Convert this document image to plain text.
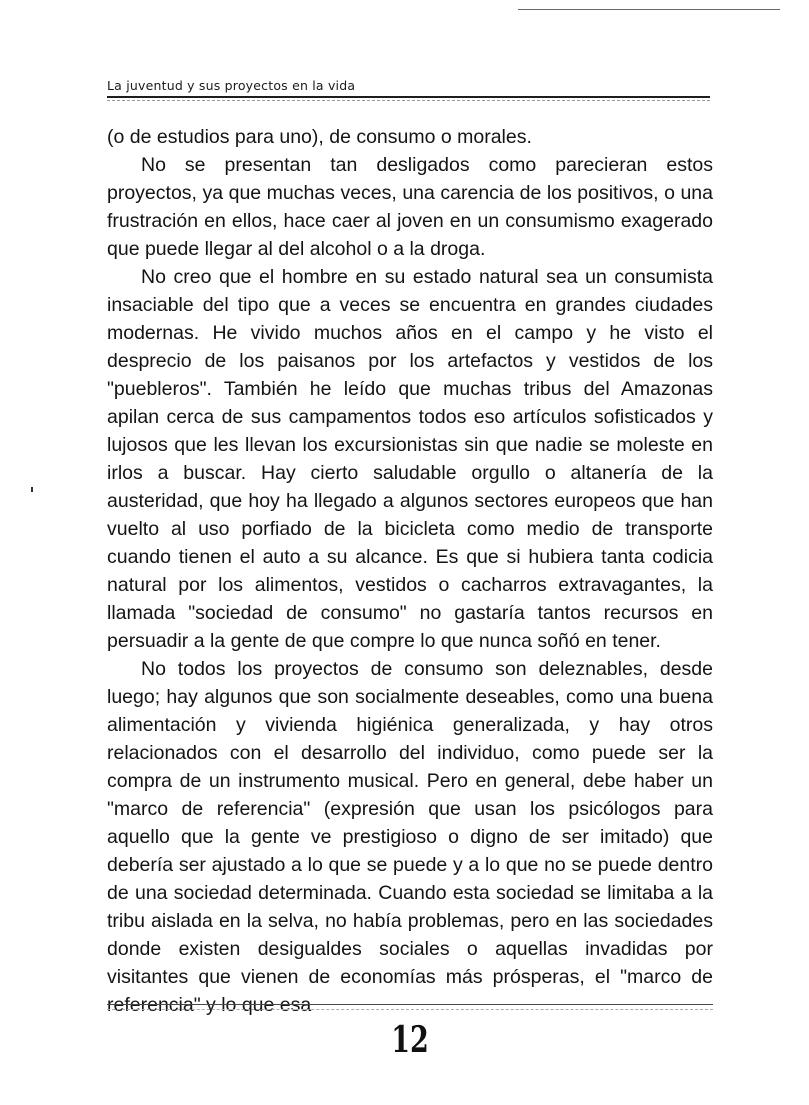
La juventud y sus proyectos en la vida

(o de estudios para uno), de consumo o morales.

No se presentan tan desligados como parecieran estos proyectos, ya que muchas veces, una carencia de los positivos, o una frustración en ellos, hace caer al joven en un consumismo exagerado que puede llegar al del alcohol o a la droga.

No creo que el hombre en su estado natural sea un consumista insaciable del tipo que a veces se encuentra en grandes ciudades modernas. He vivido muchos años en el campo y he visto el desprecio de los paisanos por los artefactos y vestidos de los "puebleros". También he leído que muchas tribus del Amazonas apilan cerca de sus campamentos todos eso artículos sofisticados y lujosos que les llevan los excursionistas sin que nadie se moleste en irlos a buscar. Hay cierto saludable orgullo o altanería de la austeridad, que hoy ha llegado a algunos sectores europeos que han vuelto al uso porfiado de la bicicleta como medio de transporte cuando tienen el auto a su alcance. Es que si hubiera tanta codicia natural por los alimentos, vestidos o cacharros extravagantes, la llamada "sociedad de consumo" no gastaría tantos recursos en persuadir a la gente de que compre lo que nunca soñó en tener.

No todos los proyectos de consumo son deleznables, desde luego; hay algunos que son socialmente deseables, como una buena alimentación y vivienda higiénica generalizada, y hay otros relacionados con el desarrollo del individuo, como puede ser la compra de un instrumento musical. Pero en general, debe haber un "marco de referencia" (expresión que usan los psicólogos para aquello que la gente ve prestigioso o digno de ser imitado) que debería ser ajustado a lo que se puede y a lo que no se puede dentro de una sociedad determinada. Cuando esta sociedad se limitaba a la tribu aislada en la selva, no había problemas, pero en las sociedades donde existen desigualdes sociales o aquellas invadidas por visitantes que vienen de economías más prósperas, el "marco de referencia" y lo que esa

12
